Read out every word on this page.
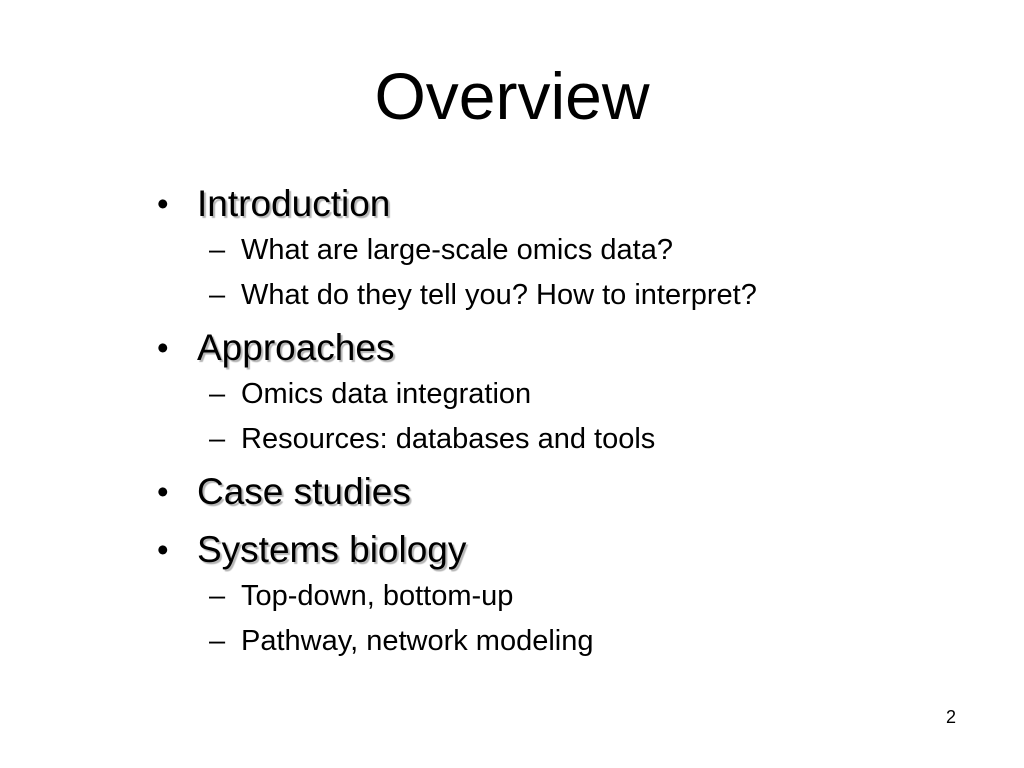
Overview
• Introduction
– What are large-scale omics data?
– What do they tell you? How to interpret?
• Approaches
– Omics data integration
– Resources: databases and tools
• Case studies
• Systems biology
– Top-down, bottom-up
– Pathway, network modeling
2
